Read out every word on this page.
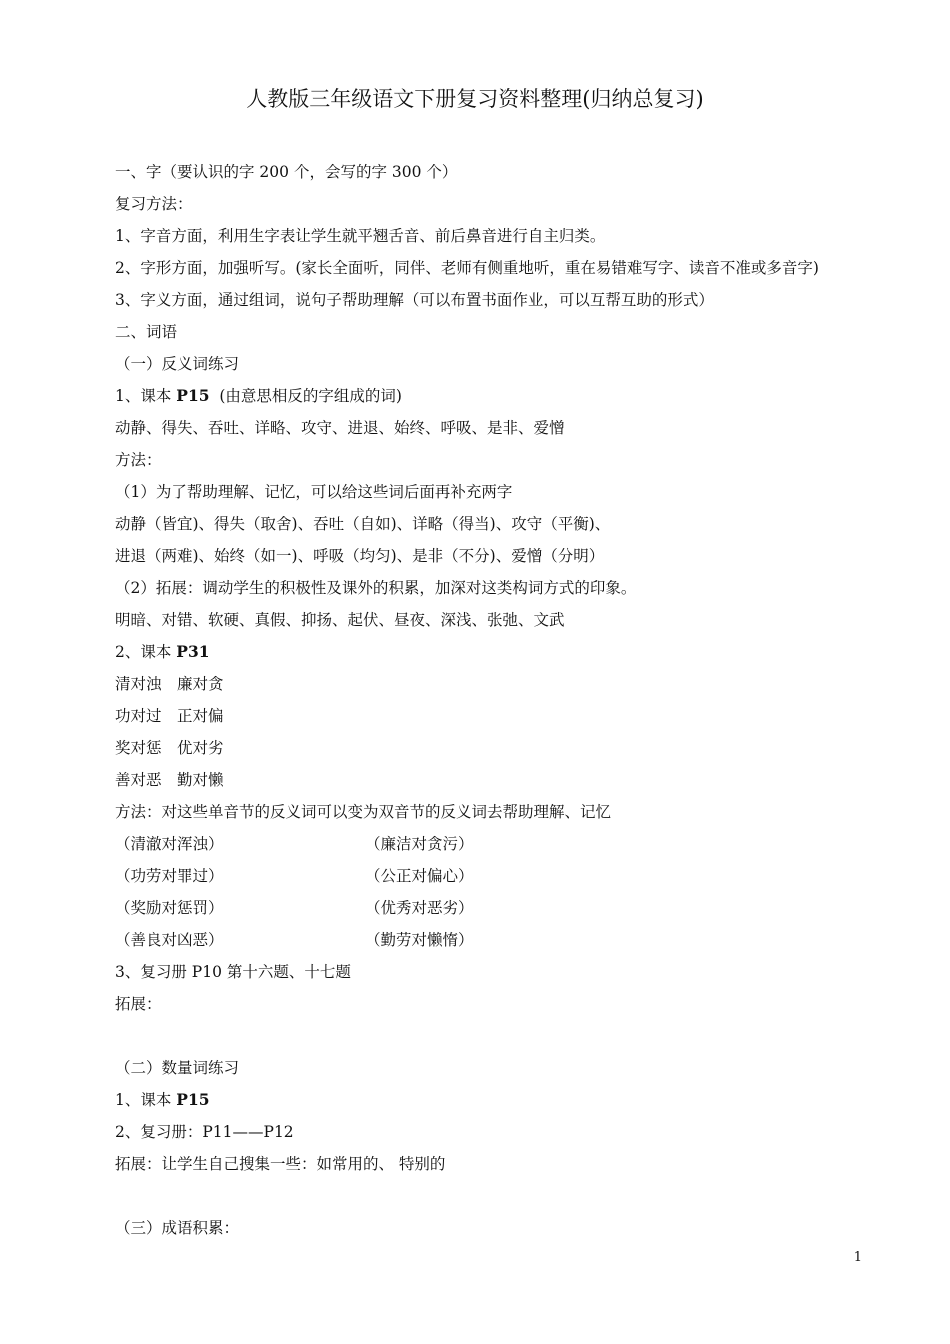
人教版三年级语文下册复习资料整理(归纳总复习)
一、字（要认识的字 200 个，会写的字 300 个）
复习方法：
1、字音方面，利用生字表让学生就平翘舌音、前后鼻音进行自主归类。
2、字形方面，加强听写。(家长全面听，同伴、老师有侧重地听，重在易错难写字、读音不准或多音字)
3、字义方面，通过组词，说句子帮助理解（可以布置书面作业，可以互帮互助的形式）
二、词语
（一）反义词练习
1、课本 P15  (由意思相反的字组成的词)
动静、得失、吞吐、详略、攻守、进退、始终、呼吸、是非、爱憎
方法：
（1）为了帮助理解、记忆，可以给这些词后面再补充两字
动静（皆宜)、得失（取舍)、吞吐（自如)、详略（得当)、攻守（平衡)、
进退（两难)、始终（如一)、呼吸（均匀)、是非（不分)、爱憎（分明）
（2）拓展：调动学生的积极性及课外的积累，加深对这类构词方式的印象。
明暗、对错、软硬、真假、抑扬、起伏、昼夜、深浅、张弛、文武
2、课本 P31
清对浊　廉对贪
功对过　正对偏
奖对惩　优对劣
善对恶　勤对懒
方法：对这些单音节的反义词可以变为双音节的反义词去帮助理解、记忆
（清澈对浑浊）	（廉洁对贪污）
（功劳对罪过）	（公正对偏心）
（奖励对惩罚）	（优秀对恶劣）
（善良对凶恶）	（勤劳对懒惰）
3、复习册 P10 第十六题、十七题
拓展：
（二）数量词练习
1、课本 P15
2、复习册：P11——P12
拓展：让学生自己搜集一些：如常用的、 特别的
（三）成语积累：
1
